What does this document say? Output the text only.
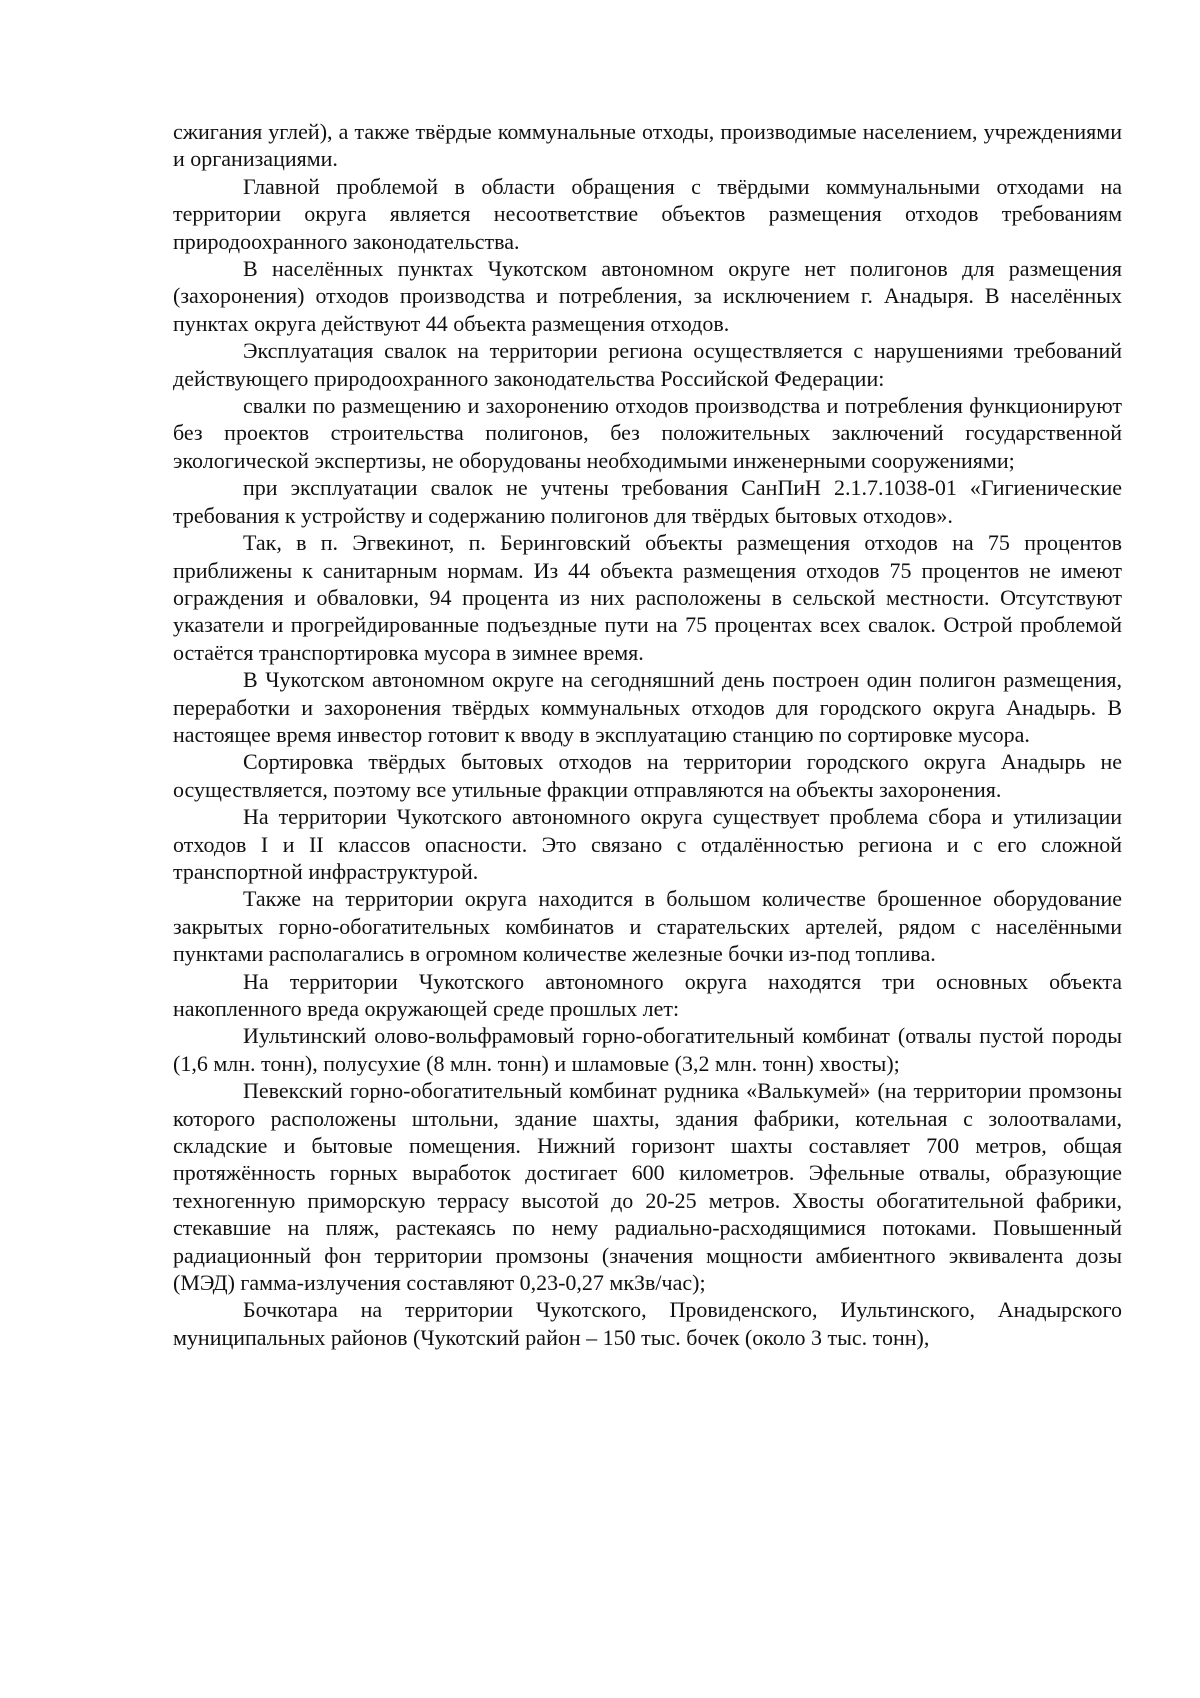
сжигания углей), а также твёрдые коммунальные отходы, производимые населением, учреждениями и организациями.

Главной проблемой в области обращения с твёрдыми коммунальными отходами на территории округа является несоответствие объектов размещения отходов требованиям природоохранного законодательства.

В населённых пунктах Чукотском автономном округе нет полигонов для размещения (захоронения) отходов производства и потребления, за исключением г. Анадыря. В населённых пунктах округа действуют 44 объекта размещения отходов.

Эксплуатация свалок на территории региона осуществляется с нарушениями требований действующего природоохранного законодательства Российской Федерации:

свалки по размещению и захоронению отходов производства и потребления функционируют без проектов строительства полигонов, без положительных заключений государственной экологической экспертизы, не оборудованы необходимыми инженерными сооружениями;

при эксплуатации свалок не учтены требования СанПиН 2.1.7.1038-01 «Гигиенические требования к устройству и содержанию полигонов для твёрдых бытовых отходов».

Так, в п. Эгвекинот, п. Беринговский объекты размещения отходов на 75 процентов приближены к санитарным нормам. Из 44 объекта размещения отходов 75 процентов не имеют ограждения и обваловки, 94 процента из них расположены в сельской местности. Отсутствуют указатели и прогрейдированные подъездные пути на 75 процентах всех свалок. Острой проблемой остаётся транспортировка мусора в зимнее время.

В Чукотском автономном округе на сегодняшний день построен один полигон размещения, переработки и захоронения твёрдых коммунальных отходов для городского округа Анадырь. В настоящее время инвестор готовит к вводу в эксплуатацию станцию по сортировке мусора.

Сортировка твёрдых бытовых отходов на территории городского округа Анадырь не осуществляется, поэтому все утильные фракции отправляются на объекты захоронения.

На территории Чукотского автономного округа существует проблема сбора и утилизации отходов I и II классов опасности. Это связано с отдалённостью региона и с его сложной транспортной инфраструктурой.

Также на территории округа находится в большом количестве брошенное оборудование закрытых горно-обогатительных комбинатов и старательских артелей, рядом с населёнными пунктами располагались в огромном количестве железные бочки из-под топлива.

На территории Чукотского автономного округа находятся три основных объекта накопленного вреда окружающей среде прошлых лет:

Иультинский олово-вольфрамовый горно-обогатительный комбинат (отвалы пустой породы (1,6 млн. тонн), полусухие (8 млн. тонн) и шламовые (3,2 млн. тонн) хвосты);

Певекский горно-обогатительный комбинат рудника «Валькумей» (на территории промзоны которого расположены штольни, здание шахты, здания фабрики, котельная с золоотвалами, складские и бытовые помещения. Нижний горизонт шахты составляет 700 метров, общая протяжённость горных выработок достигает 600 километров. Эфельные отвалы, образующие техногенную приморскую террасу высотой до 20-25 метров. Хвосты обогатительной фабрики, стекавшие на пляж, растекаясь по нему радиально-расходящимися потоками. Повышенный радиационный фон территории промзоны (значения мощности амбиентного эквивалента дозы (МЭД) гамма-излучения составляют 0,23-0,27 мкЗв/час);

Бочкотара на территории Чукотского, Провиденского, Иультинского, Анадырского муниципальных районов (Чукотский район – 150 тыс. бочек (около 3 тыс. тонн),
